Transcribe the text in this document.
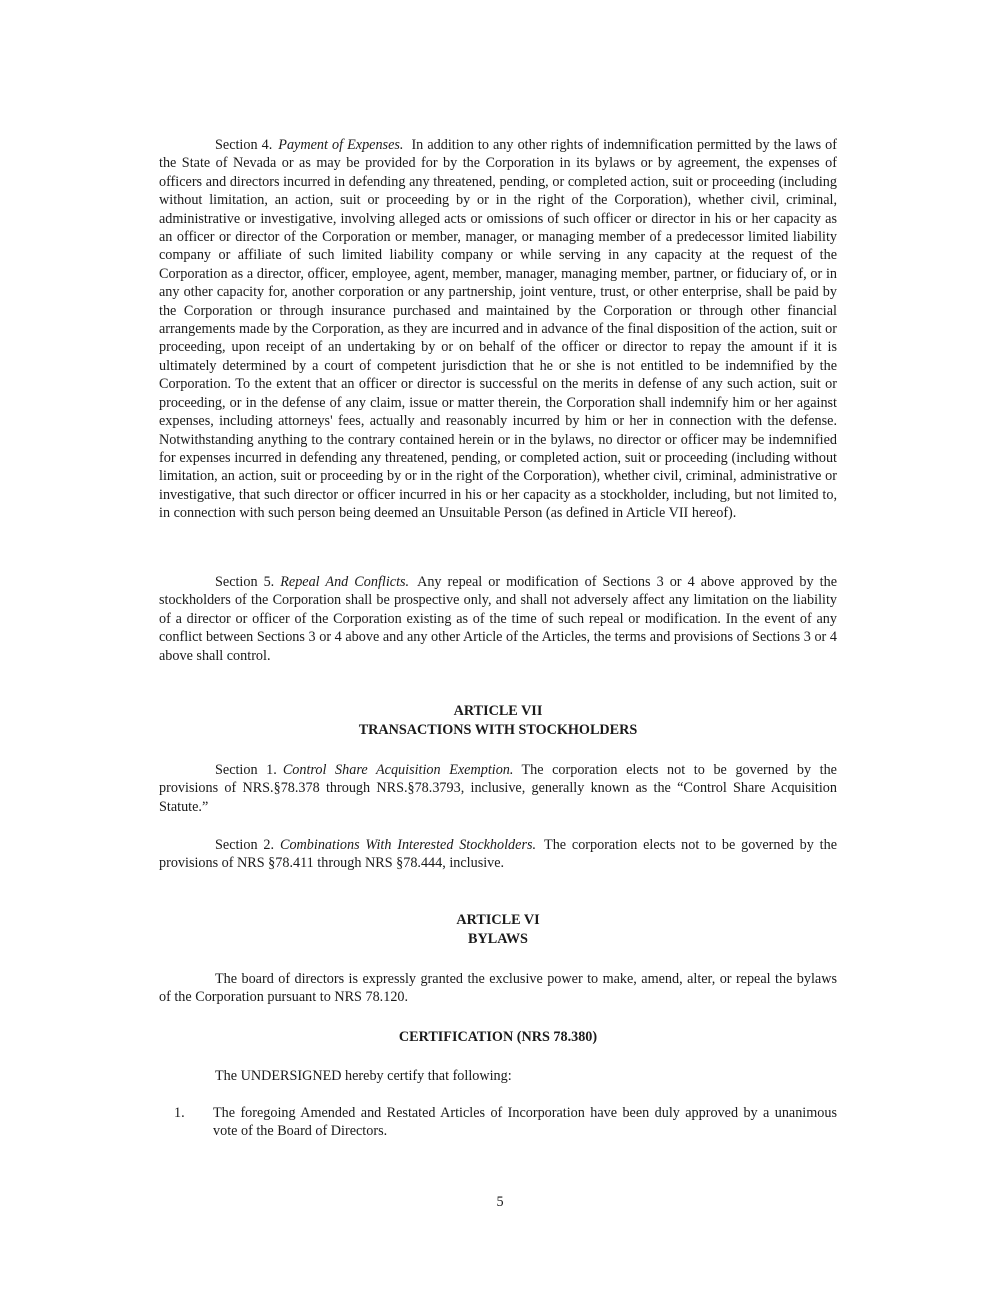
Section 4. Payment of Expenses. In addition to any other rights of indemnification permitted by the laws of the State of Nevada or as may be provided for by the Corporation in its bylaws or by agreement, the expenses of officers and directors incurred in defending any threatened, pending, or completed action, suit or proceeding (including without limitation, an action, suit or proceeding by or in the right of the Corporation), whether civil, criminal, administrative or investigative, involving alleged acts or omissions of such officer or director in his or her capacity as an officer or director of the Corporation or member, manager, or managing member of a predecessor limited liability company or affiliate of such limited liability company or while serving in any capacity at the request of the Corporation as a director, officer, employee, agent, member, manager, managing member, partner, or fiduciary of, or in any other capacity for, another corporation or any partnership, joint venture, trust, or other enterprise, shall be paid by the Corporation or through insurance purchased and maintained by the Corporation or through other financial arrangements made by the Corporation, as they are incurred and in advance of the final disposition of the action, suit or proceeding, upon receipt of an undertaking by or on behalf of the officer or director to repay the amount if it is ultimately determined by a court of competent jurisdiction that he or she is not entitled to be indemnified by the Corporation. To the extent that an officer or director is successful on the merits in defense of any such action, suit or proceeding, or in the defense of any claim, issue or matter therein, the Corporation shall indemnify him or her against expenses, including attorneys' fees, actually and reasonably incurred by him or her in connection with the defense. Notwithstanding anything to the contrary contained herein or in the bylaws, no director or officer may be indemnified for expenses incurred in defending any threatened, pending, or completed action, suit or proceeding (including without limitation, an action, suit or proceeding by or in the right of the Corporation), whether civil, criminal, administrative or investigative, that such director or officer incurred in his or her capacity as a stockholder, including, but not limited to, in connection with such person being deemed an Unsuitable Person (as defined in Article VII hereof).

Section 5. Repeal And Conflicts. Any repeal or modification of Sections 3 or 4 above approved by the stockholders of the Corporation shall be prospective only, and shall not adversely affect any limitation on the liability of a director or officer of the Corporation existing as of the time of such repeal or modification. In the event of any conflict between Sections 3 or 4 above and any other Article of the Articles, the terms and provisions of Sections 3 or 4 above shall control.

ARTICLE VII

TRANSACTIONS WITH STOCKHOLDERS

Section 1. Control Share Acquisition Exemption. The corporation elects not to be governed by the provisions of NRS.§78.378 through NRS.§78.3793, inclusive, generally known as the “Control Share Acquisition Statute.”

Section 2. Combinations With Interested Stockholders. The corporation elects not to be governed by the provisions of NRS §78.411 through NRS §78.444, inclusive.

ARTICLE VI

BYLAWS

The board of directors is expressly granted the exclusive power to make, amend, alter, or repeal the bylaws of the Corporation pursuant to NRS 78.120.

CERTIFICATION (NRS 78.380)

The UNDERSIGNED hereby certify that following:

1. The foregoing Amended and Restated Articles of Incorporation have been duly approved by a unanimous vote of the Board of Directors.

5
